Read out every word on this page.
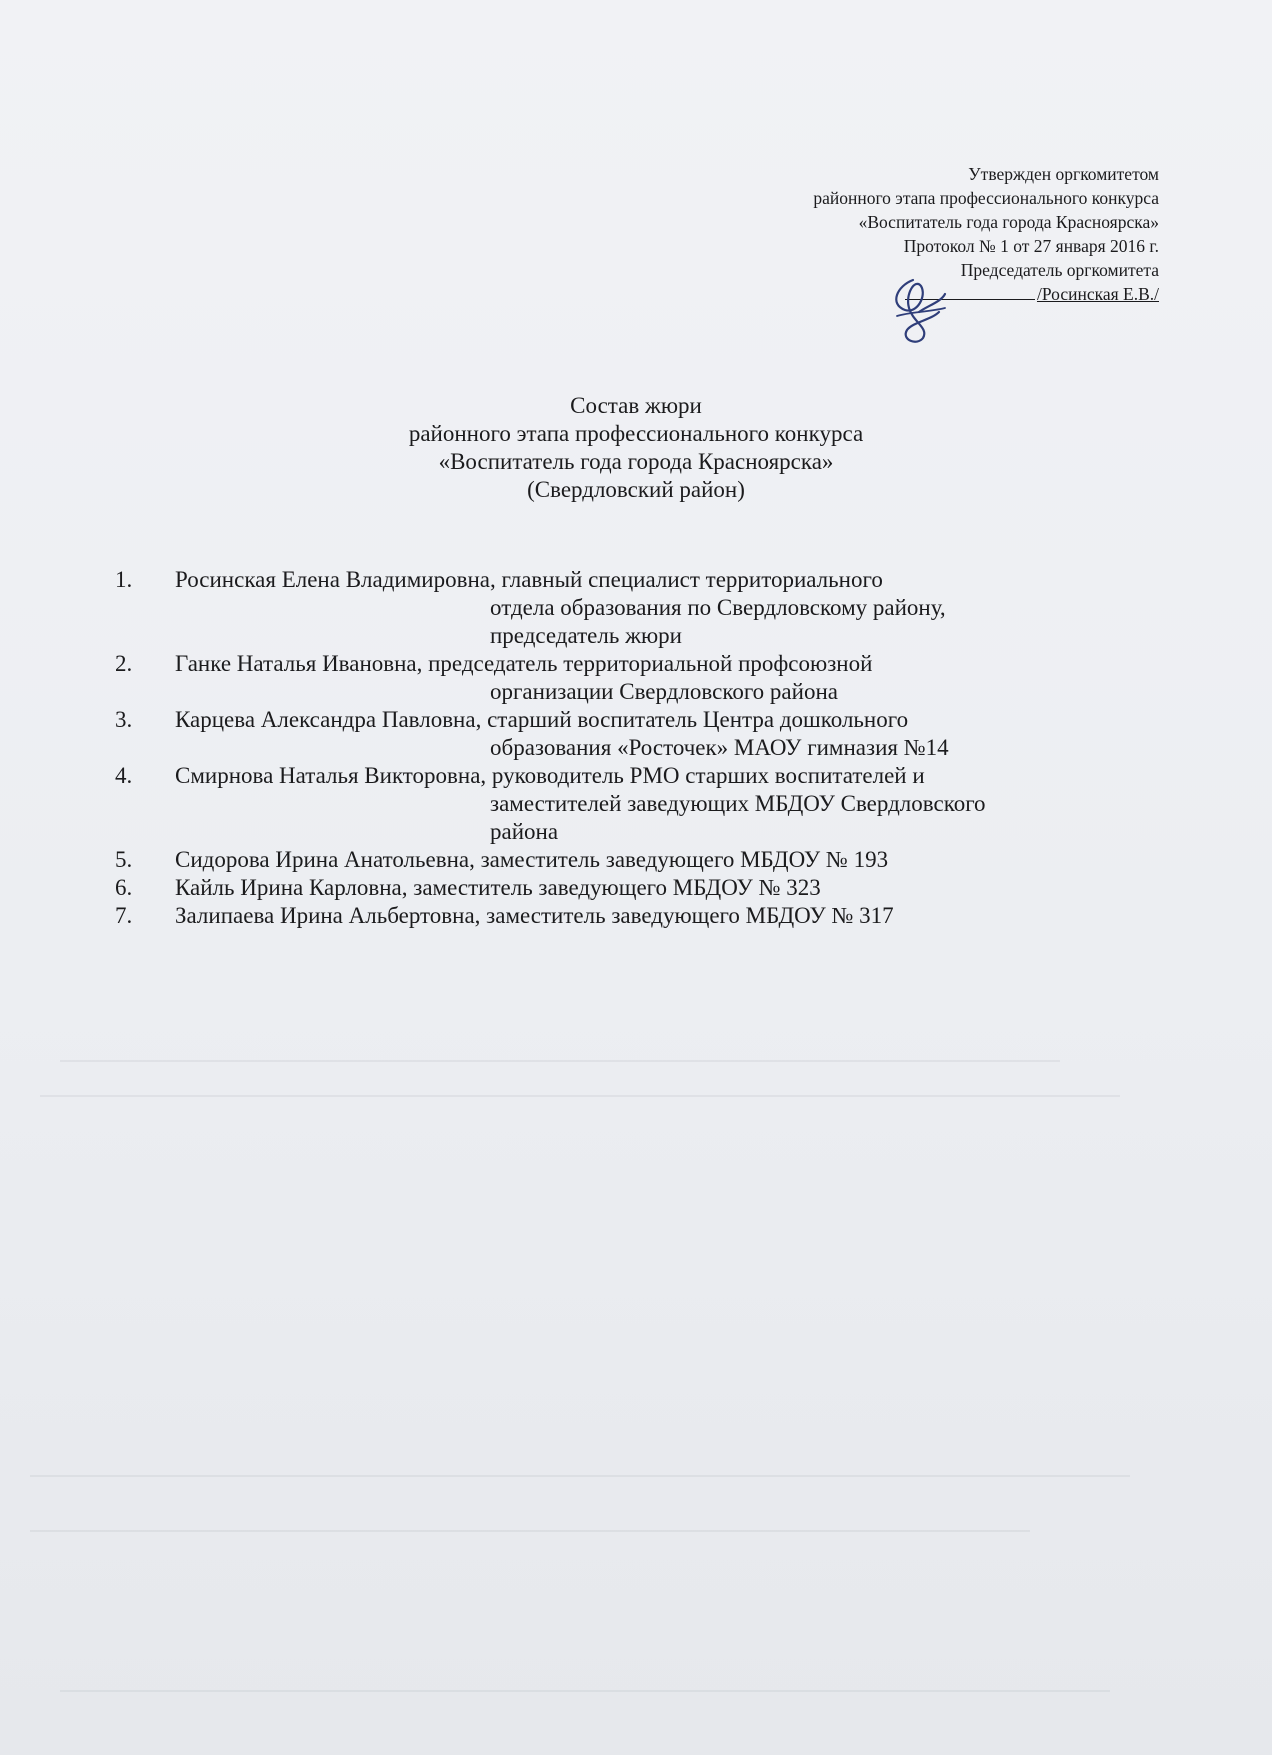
Утвержден оргкомитетом
районного этапа профессионального конкурса
«Воспитатель года города Красноярска»
Протокол № 1 от 27 января 2016 г.
Председатель оргкомитета
/Росинская Е.В./
Состав жюри
районного этапа профессионального конкурса
«Воспитатель года города Красноярска»
(Свердловский район)
1. Росинская Елена Владимировна, главный специалист территориального
отдела образования по Свердловскому району,
председатель жюри
2. Ганке Наталья Ивановна, председатель территориальной профсоюзной
организации Свердловского района
3. Карцева Александра Павловна, старший воспитатель Центра дошкольного
образования «Росточек» МАОУ гимназия №14
4. Смирнова Наталья Викторовна, руководитель РМО старших воспитателей и
заместителей заведующих МБДОУ Свердловского
района
5. Сидорова Ирина Анатольевна, заместитель заведующего МБДОУ № 193
6. Кайль Ирина Карловна, заместитель заведующего МБДОУ № 323
7. Залипаева Ирина Альбертовна, заместитель заведующего МБДОУ № 317
